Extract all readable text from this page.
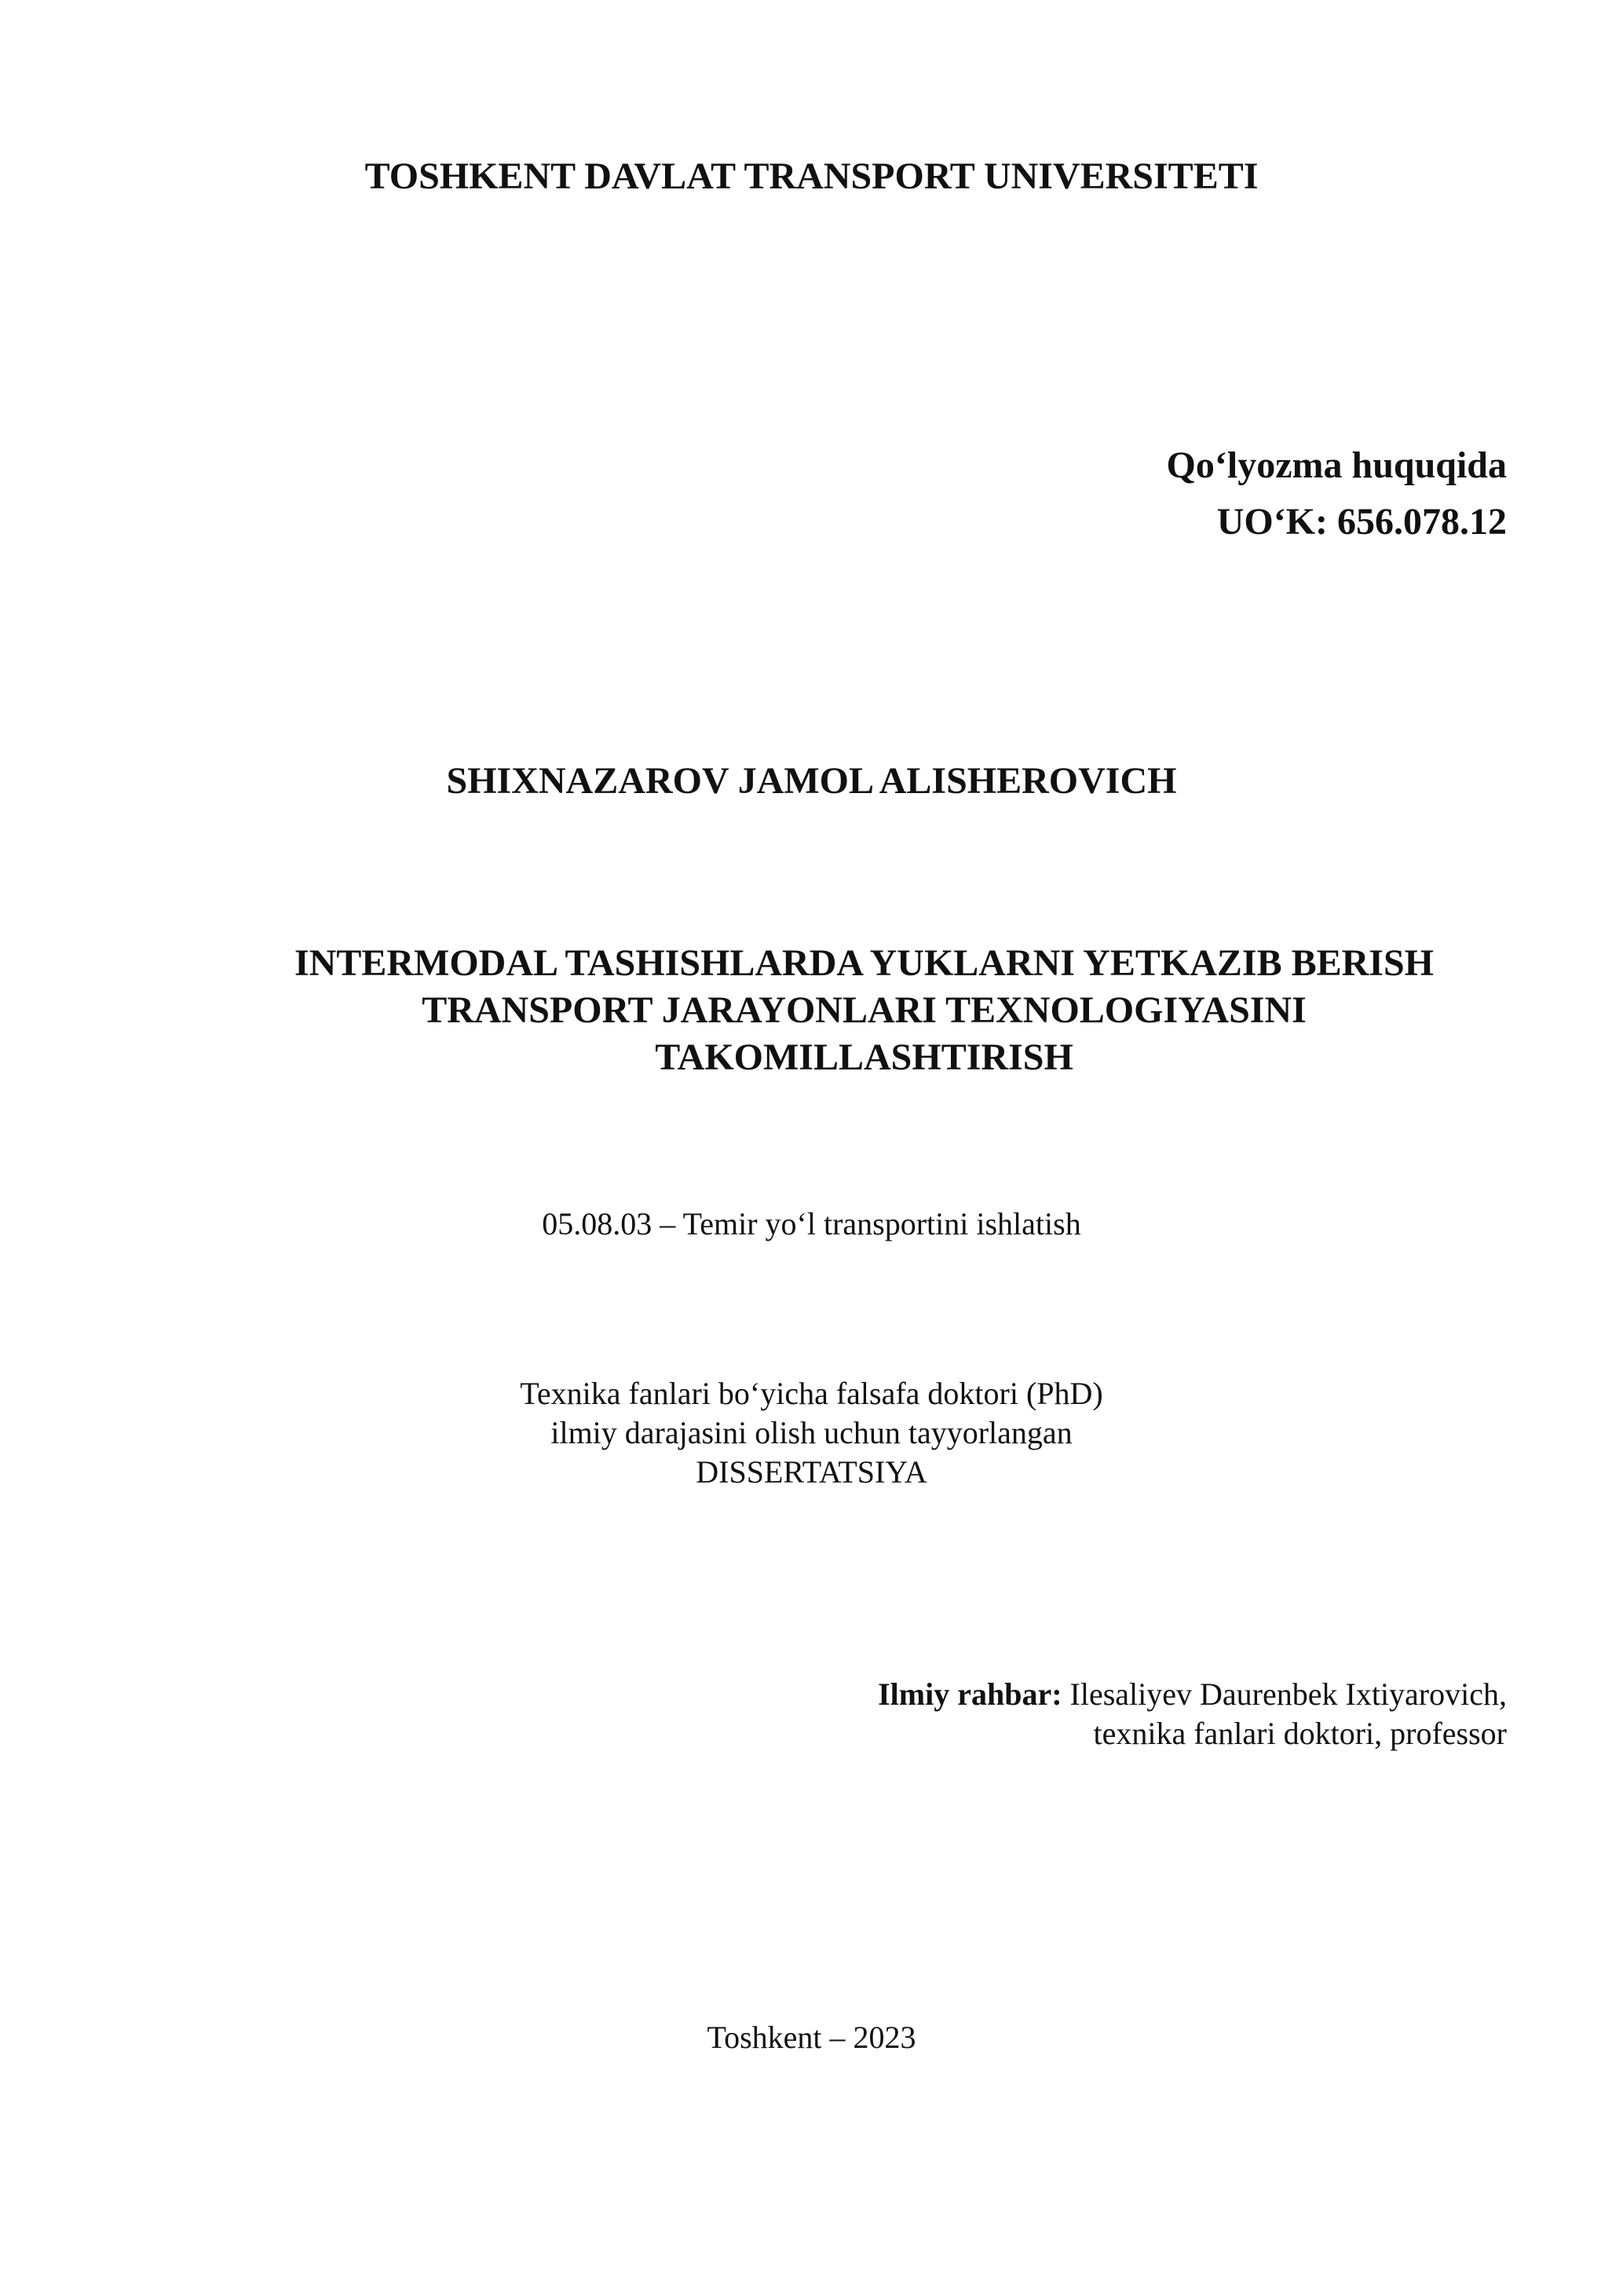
TOSHKENT DAVLAT TRANSPORT UNIVERSITETI
Qo‘lyozma huquqida
UO‘K: 656.078.12
SHIXNAZAROV JAMOL ALISHEROVICH
INTERMODAL TASHISHLARDA YUKLARNI YETKAZIB BERISH
TRANSPORT JARAYONLARI TEXNOLOGIYASINI
TAKOMILLASHTIRISH
05.08.03 – Temir yo‘l transportini ishlatish
Texnika fanlari bo‘yicha falsafa doktori (PhD)
ilmiy darajasini olish uchun tayyorlangan
DISSERTATSIYA
Ilmiy rahbar: Ilesaliyev Daurenbek Ixtiyarovich,
texnika fanlari doktori, professor
Toshkent – 2023
